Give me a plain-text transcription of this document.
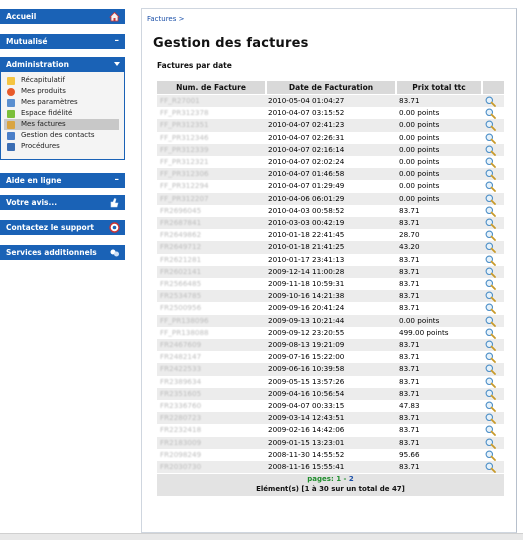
Accueil
Mutualisé	–
Administration
Récapitulatif
Mes produits
Mes paramètres
Espace fidélité
Mes factures
Gestion des contacts
Procédures
Aide en ligne	–
Votre avis...
Contactez le support
Services additionnels
Factures >
Gestion des factures
Factures par date
Num. de Facture	Date de Facturation	Prix total ttc
FF_R27001	2010-05-04 01:04:27	83.71
FF_PR312378	2010-04-07 03:15:52	0.00 points
FF_PR312351	2010-04-07 02:41:23	0.00 points
FF_PR312346	2010-04-07 02:26:31	0.00 points
FF_PR312339	2010-04-07 02:16:14	0.00 points
FF_PR312321	2010-04-07 02:02:24	0.00 points
FF_PR312306	2010-04-07 01:46:58	0.00 points
FF_PR312294	2010-04-07 01:29:49	0.00 points
FF_PR312207	2010-04-06 06:01:29	0.00 points
FR2696045	2010-04-03 00:58:52	83.71
FR2687841	2010-03-03 00:42:19	83.71
FR2649862	2010-01-18 22:41:45	28.70
FR2649712	2010-01-18 21:41:25	43.20
FR2621281	2010-01-17 23:41:13	83.71
FR2602141	2009-12-14 11:00:28	83.71
FR2566485	2009-11-18 10:59:31	83.71
FR2534785	2009-10-16 14:21:38	83.71
FR2500956	2009-09-16 20:41:24	83.71
FF_PR138096	2009-09-13 10:21:44	0.00 points
FF_PR138088	2009-09-12 23:20:55	499.00 points
FR2467609	2009-08-13 19:21:09	83.71
FR2482147	2009-07-16 15:22:00	83.71
FR2422533	2009-06-16 10:39:58	83.71
FR2389634	2009-05-15 13:57:26	83.71
FR2351605	2009-04-16 10:56:54	83.71
FR2336760	2009-04-07 00:33:15	47.83
FR2280723	2009-03-14 12:43:51	83.71
FR2232418	2009-02-16 14:42:06	83.71
FR2183009	2009-01-15 13:23:01	83.71
FR2098249	2008-11-30 14:55:52	95.66
FR2030730	2008-11-16 15:55:41	83.71
pages: 1 - 2
Elément(s) [1 à 30 sur un total de 47]
